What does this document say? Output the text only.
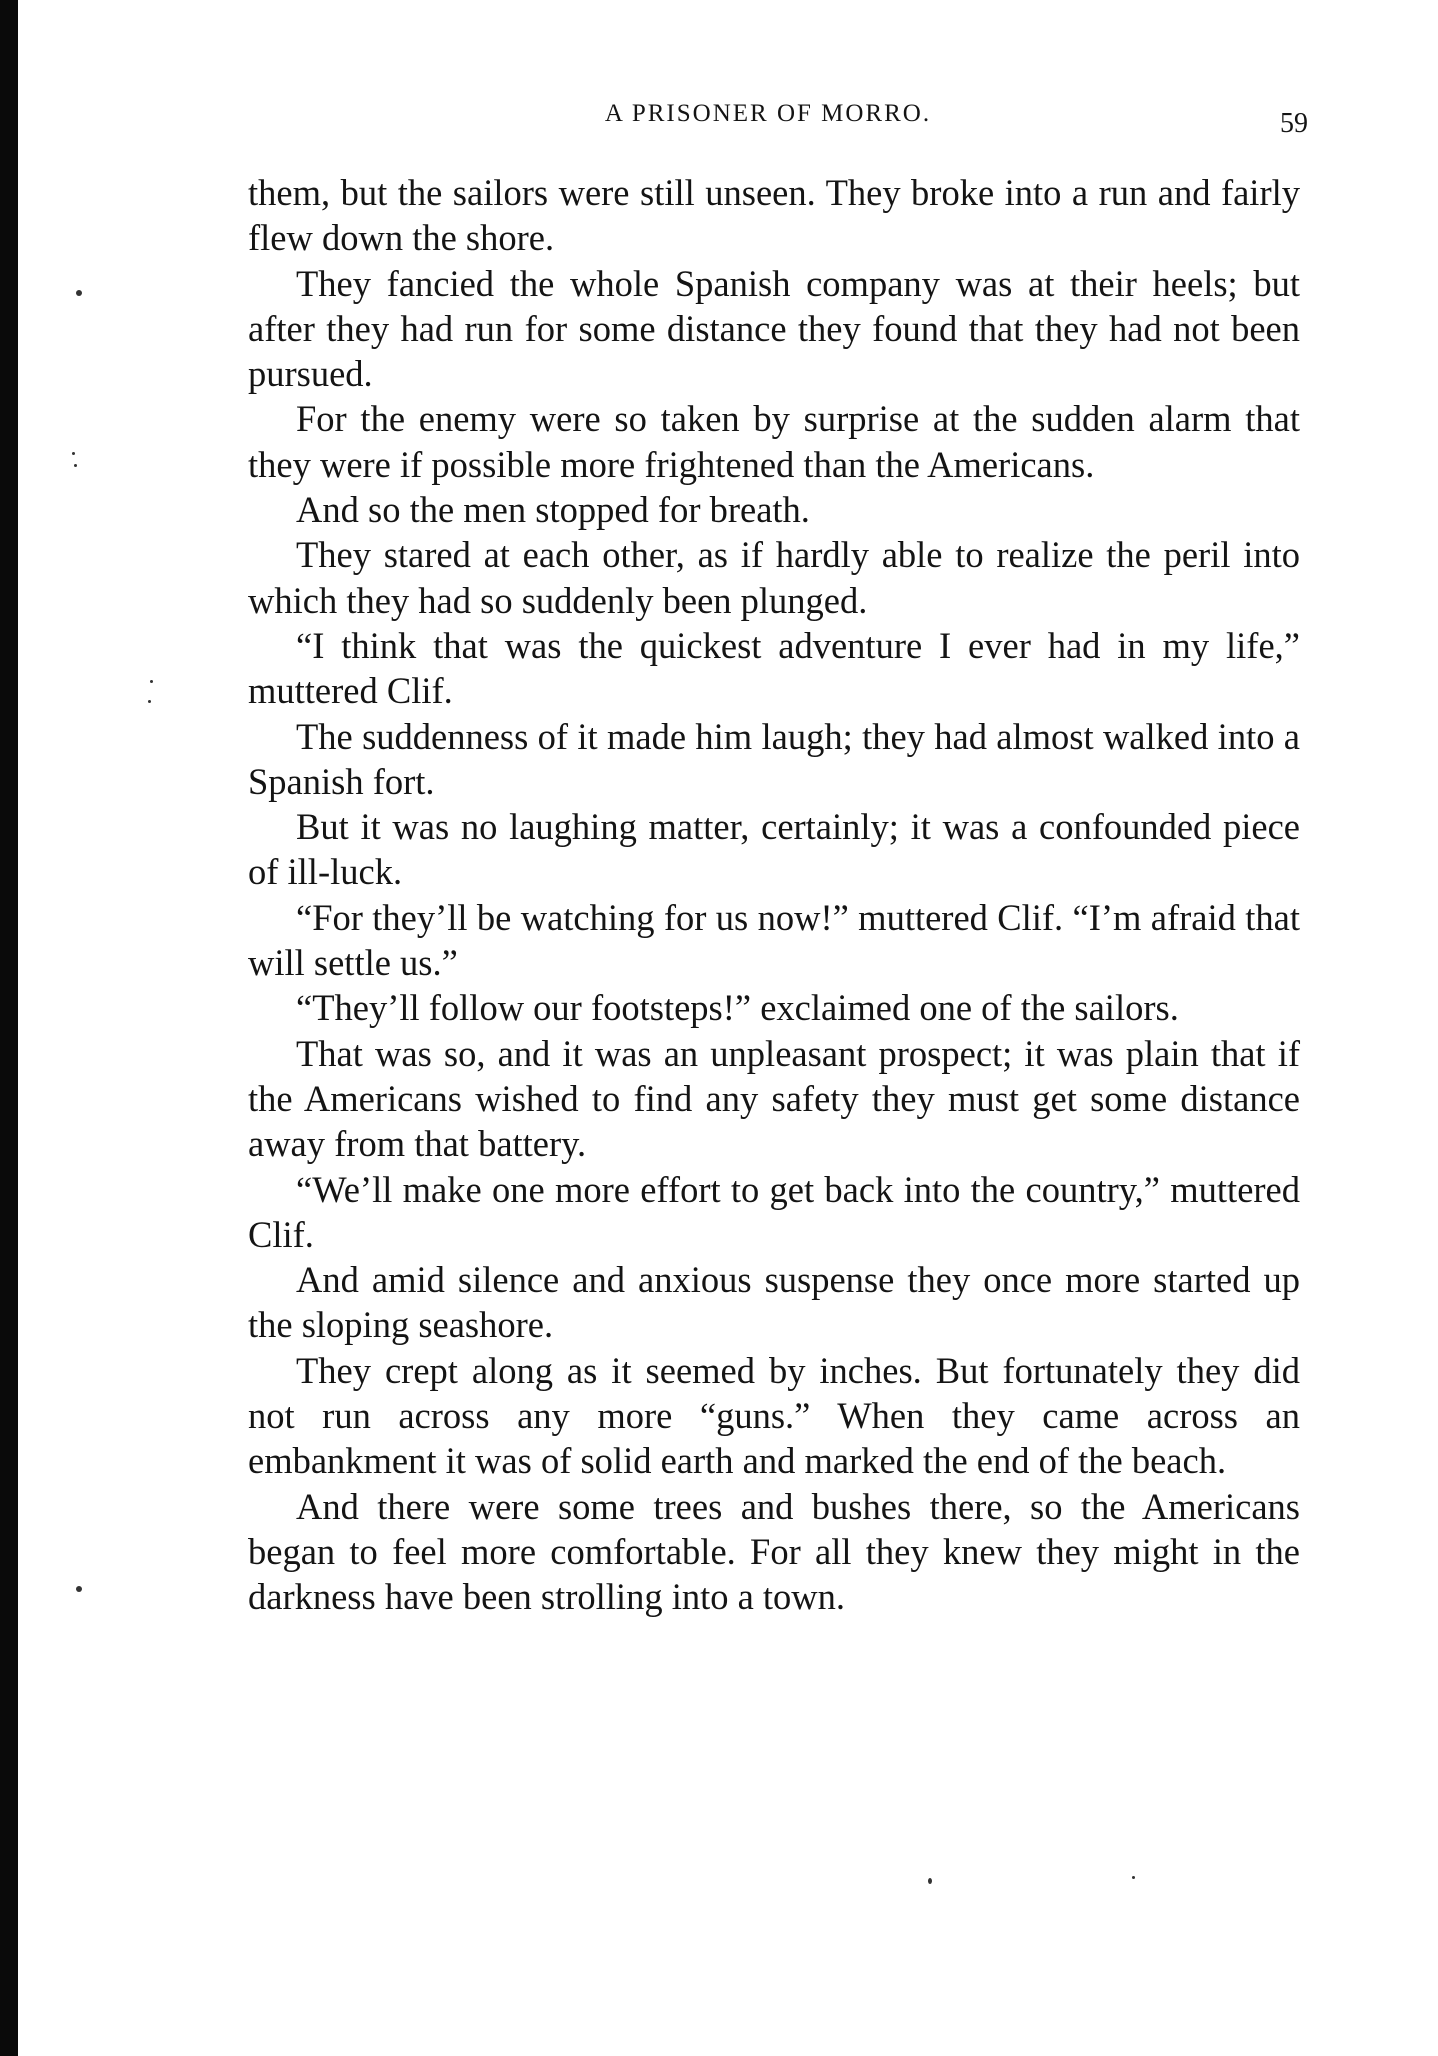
A PRISONER OF MORRO.	59

them, but the sailors were still unseen. They broke into a run and fairly flew down the shore.

They fancied the whole Spanish company was at their heels; but after they had run for some distance they found that they had not been pursued.

For the enemy were so taken by surprise at the sudden alarm that they were if possible more frightened than the Americans.

And so the men stopped for breath.

They stared at each other, as if hardly able to realize the peril into which they had so suddenly been plunged.

“I think that was the quickest adventure I ever had in my life,” muttered Clif.

The suddenness of it made him laugh; they had almost walked into a Spanish fort.

But it was no laughing matter, certainly; it was a confounded piece of ill-luck.

“For they’ll be watching for us now!” muttered Clif. “I’m afraid that will settle us.”

“They’ll follow our footsteps!” exclaimed one of the sailors.

That was so, and it was an unpleasant prospect; it was plain that if the Americans wished to find any safety they must get some distance away from that battery.

“We’ll make one more effort to get back into the country,” muttered Clif.

And amid silence and anxious suspense they once more started up the sloping seashore.

They crept along as it seemed by inches. But fortunately they did not run across any more “guns.” When they came across an embankment it was of solid earth and marked the end of the beach.

And there were some trees and bushes there, so the Americans began to feel more comfortable. For all they knew they might in the darkness have been strolling into a town.
